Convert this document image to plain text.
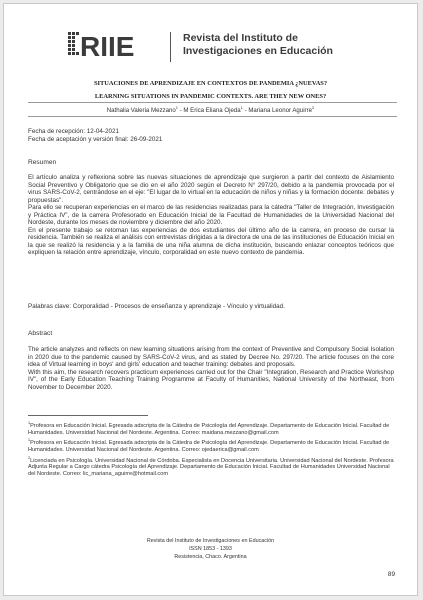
RIIE	Revista del Instituto de
Investigaciones en Educación
SITUACIONES DE APRENDIZAJE EN CONTEXTOS DE PANDEMIA ¿NUEVAS?
LEARNING SITUATIONS IN PANDEMIC CONTEXTS. ARE THEY NEW ONES?
Nathalia Valeria Mezzano$^1$ - M Erica Eliana Ojeda$^1$ - Mariana Leonor Aguirre$^2$

Fecha de recepción: 12-04-2021

Fecha de aceptación y versión final: 26-09-2021

Resumen

El artículo analiza y reflexiona sobre las nuevas situaciones de aprendizaje que surgieron a partir del contexto de Aislamiento Social Preventivo y Obligatorio que se dio en el año 2020 según el Decreto N° 297/20, debido a la pandemia provocada por el virus SARS-CoV-2, centrándose en el eje: "El lugar de lo virtual en la educación de niños y niñas y la formación docente: debates y propuestas".

Para ello se recuperan experiencias en el marco de las residencias realizadas para la cátedra "Taller de Integración, Investigación y Práctica IV", de la carrera Profesorado en Educación Inicial de la Facultad de Humanidades de la Universidad Nacional del Nordeste, durante los meses de noviembre y diciembre del año 2020.

En el presente trabajo se retoman las experiencias de dos estudiantes del último año de la carrera, en proceso de cursar la residencia. También se realiza el análisis con entrevistas dirigidas a la directora de una de las instituciones de Educación Inicial en la que se realizó la residencia y a la familia de una niña alumna de dicha institución, buscando enlazar conceptos teóricos que expliquen la relación entre aprendizaje, vínculo, corporalidad en este nuevo contexto de pandemia.

Palabras clave: Corporalidad - Procesos de enseñanza y aprendizaje - Vínculo y virtualidad.
Abstract

The article analyzes and reflects on new learning situations arising from the context of Preventive and Compulsory Social Isolation in 2020 due to the pandemic caused by SARS-CoV-2 virus, and as stated by Decree No. 297/20. The article focuses on the core idea of Virtual learning in boys' and girls' education and teacher training: debates and proposals.

With this aim, the research recovers practicum experiences carried out for the Chair "Integration, Research and Practice Workshop IV", of the Early Education Teaching Training Programme at Faculty of Humanities, National University of the Northeast, from November to December 2020.

$^1$Profesora en Educación Inicial. Egresada adscripta de la Cátedra de Psicología del Aprendizaje. Departamento de Educación Inicial. Facultad de Humanidades. Universidad Nacional del Nordeste. Argentina. Correo: maidana.mezzano@gmail.com

$^1$Profesora en Educación Inicial. Egresada adscripta de la Cátedra de Psicología del Aprendizaje. Departamento de Educación Inicial. Facultad de Humanidades. Universidad Nacional del Nordeste. Argentina. Correo: ojedaerica@gmail.com

$^2$Licenciada en Psicología. Universidad Nacional de Córdoba. Especialista en Docencia Universitaria. Universidad Nacional del Nordeste. Profesora Adjunta Regular a Cargo cátedra Psicología del Aprendizaje. Departamento de Educación Inicial. Facultad de Humanidades Universidad Nacional del Nordeste. Correo: lic_mariana_aguirre@hotmail.com

Revista del Instituto de Investigaciones en Educación
ISSN 1853 - 1393
Resistencia, Chaco. Argentina
89
